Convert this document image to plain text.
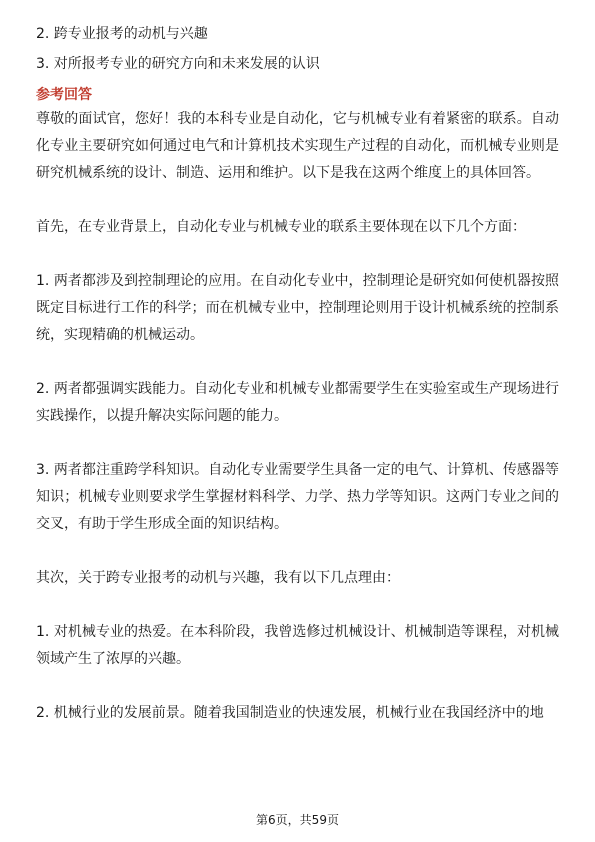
2. 跨专业报考的动机与兴趣
3. 对所报考专业的研究方向和未来发展的认识
参考回答

尊敬的面试官，您好！我的本科专业是自动化，它与机械专业有着紧密的联系。自动化专业主要研究如何通过电气和计算机技术实现生产过程的自动化，而机械专业则是研究机械系统的设计、制造、运用和维护。以下是我在这两个维度上的具体回答。

首先，在专业背景上，自动化专业与机械专业的联系主要体现在以下几个方面：

1. 两者都涉及到控制理论的应用。在自动化专业中，控制理论是研究如何使机器按照既定目标进行工作的科学；而在机械专业中，控制理论则用于设计机械系统的控制系统，实现精确的机械运动。

2. 两者都强调实践能力。自动化专业和机械专业都需要学生在实验室或生产现场进行实践操作，以提升解决实际问题的能力。

3. 两者都注重跨学科知识。自动化专业需要学生具备一定的电气、计算机、传感器等知识；机械专业则要求学生掌握材料科学、力学、热力学等知识。这两门专业之间的交叉，有助于学生形成全面的知识结构。

其次，关于跨专业报考的动机与兴趣，我有以下几点理由：

1. 对机械专业的热爱。在本科阶段，我曾选修过机械设计、机械制造等课程，对机械领域产生了浓厚的兴趣。

2. 机械行业的发展前景。随着我国制造业的快速发展，机械行业在我国经济中的地

第6页，共59页
